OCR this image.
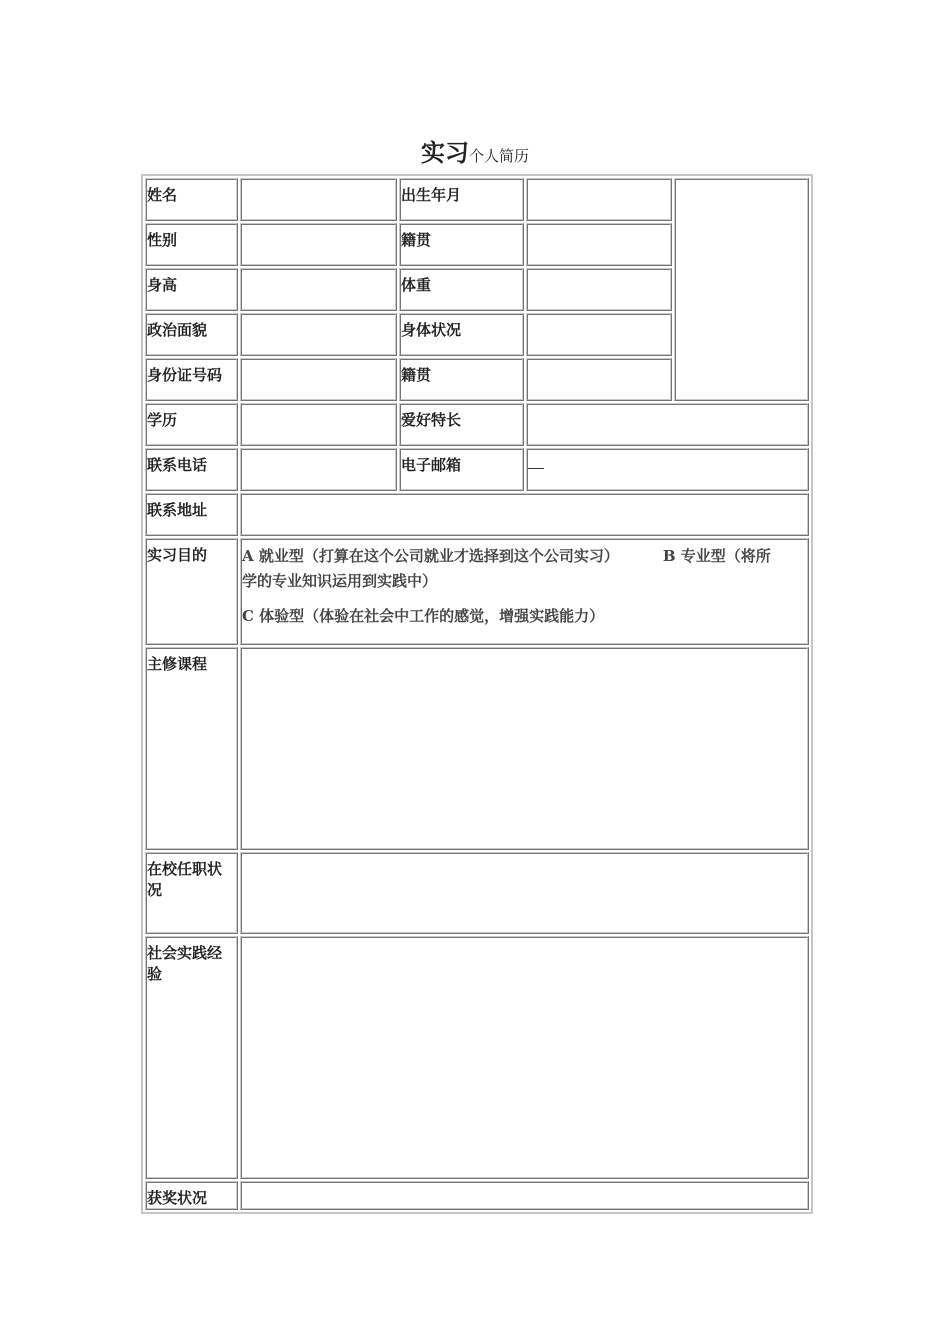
实习个人简历
姓名		出生年月		
性别		籍贯		
身高		体重		
政治面貌		身体状况		
身份证号码		籍贯		
学历		爱好特长		
联系电话		电子邮箱		
联系地址				
实习目的	A 就业型（打算在这个公司就业才选择到这个公司实习） B 专业型（将所
学的专业知识运用到实践中）

C 体验型（体验在社会中工作的感觉，增强实践能力）			

主修课程				
在校任职状
况				
社会实践经
验				
获奖状况				
